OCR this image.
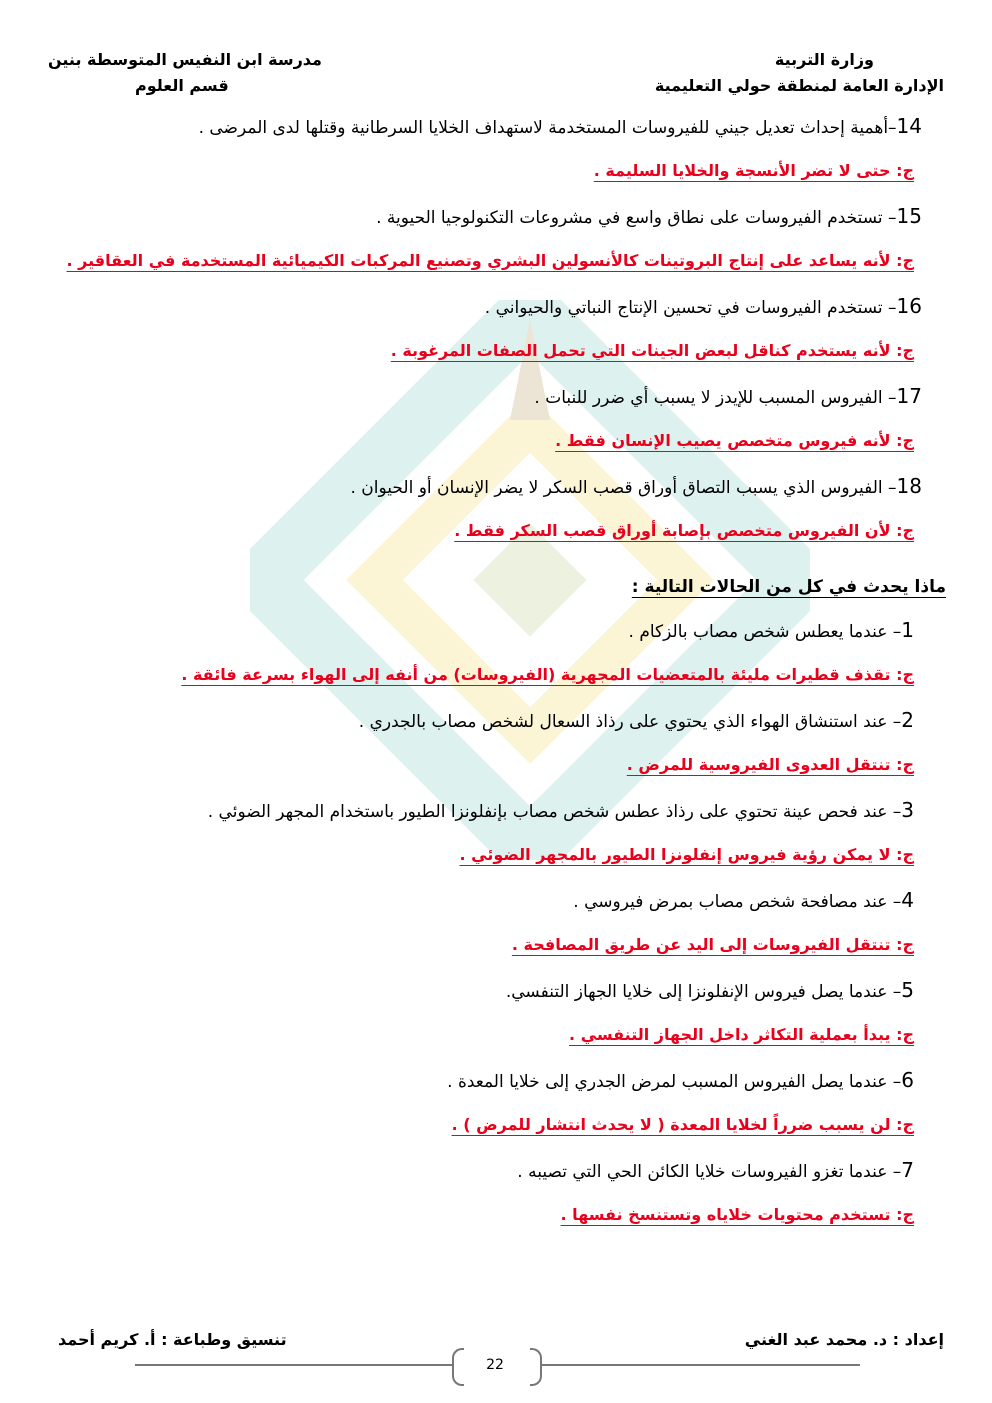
وزارة التربية
الإدارة العامة لمنطقة حولي التعليمية
مدرسة ابن النفيس المتوسطة بنين
قسم العلوم
14–أهمية إحداث تعديل جيني للفيروسات المستخدمة لاستهداف الخلايا السرطانية وقتلها لدى المرضى .
ج: حتى لا تضر الأنسجة والخلايا السليمة .
15– تستخدم الفيروسات على نطاق واسع في مشروعات التكنولوجيا الحيوية .
ج: لأنه يساعد على إنتاج البروتينات كالأنسولين البشري وتصنيع المركبات الكيميائية المستخدمة في العقاقير .
16– تستخدم الفيروسات في تحسين الإنتاج النباتي والحيواني .
ج: لأنه يستخدم كناقل لبعض الجينات التي تحمل الصفات المرغوبة .
17– الفيروس المسبب للإيدز لا يسبب أي ضرر للنبات .
ج: لأنه فيروس متخصص يصيب الإنسان فقط .
18– الفيروس الذي يسبب التصاق أوراق قصب السكر لا يضر الإنسان أو الحيوان .
ج: لأن الفيروس متخصص بإصابة أوراق قصب السكر فقط .
ماذا يحدث في كل من الحالات التالية :
1– عندما يعطس شخص مصاب بالزكام .
ج: تقذف قطيرات مليئة بالمتعضيات المجهرية (الفيروسات) من أنفه إلى الهواء بسرعة فائقة .
2– عند استنشاق الهواء الذي يحتوي على رذاذ السعال لشخص مصاب بالجدري .
ج: تنتقل العدوى الفيروسية للمرض .
3– عند فحص عينة تحتوي على رذاذ عطس شخص مصاب بإنفلونزا الطيور باستخدام المجهر الضوئي .
ج: لا يمكن رؤية فيروس إنفلونزا الطيور بالمجهر الضوئي .
4– عند مصافحة شخص مصاب بمرض فيروسي .
ج: تنتقل الفيروسات إلى اليد عن طريق المصافحة .
5– عندما يصل فيروس الإنفلونزا إلى خلايا الجهاز التنفسي.
ج: يبدأ بعملية التكاثر داخل الجهاز التنفسي .
6– عندما يصل الفيروس المسبب لمرض الجدري إلى خلايا المعدة .
ج: لن يسبب ضرراً لخلايا المعدة ( لا يحدث انتشار للمرض ) .
7– عندما تغزو الفيروسات خلايا الكائن الحي التي تصيبه .
ج: تستخدم محتويات خلاياه وتستنسخ نفسها .
إعداد : د. محمد عبد الغني
تنسيق وطباعة : أ. كريم أحمد
22
